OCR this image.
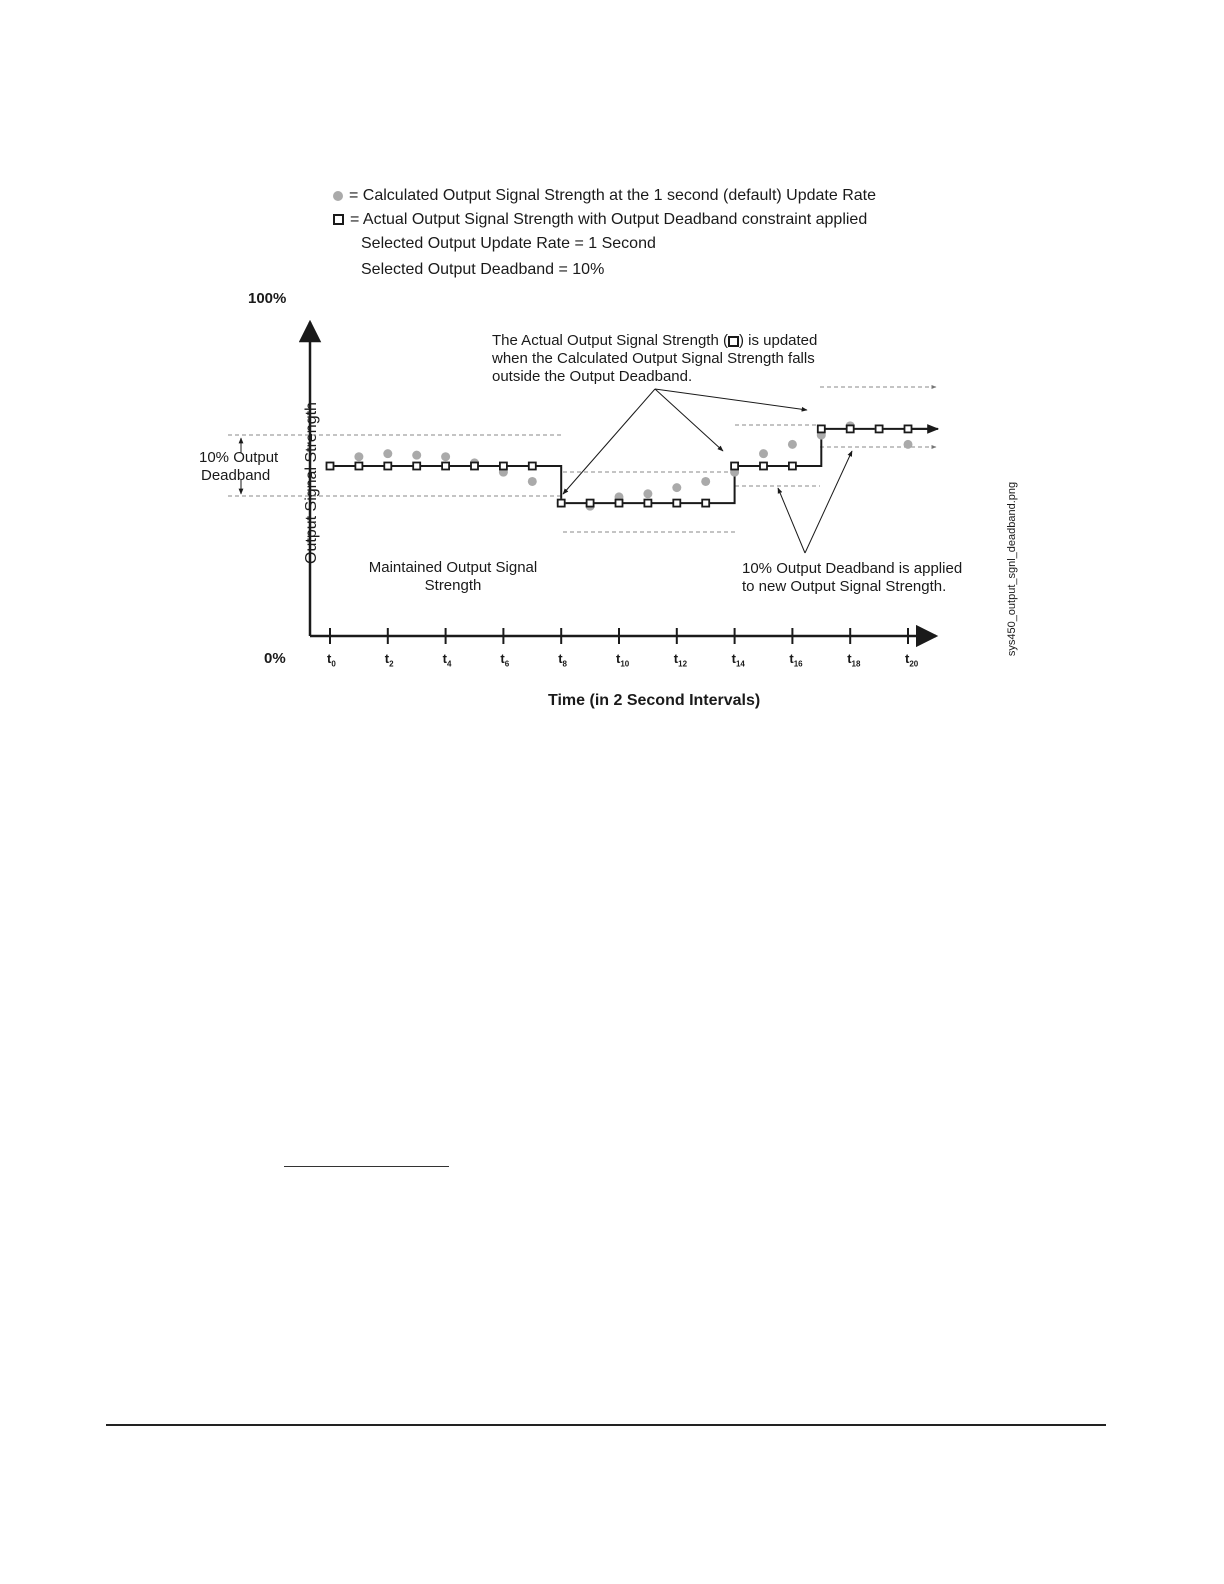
= Calculated Output Signal Strength at the 1 second (default) Update Rate
= Actual Output Signal Strength with Output Deadband constraint applied
Selected Output Update Rate = 1 Second
Selected Output Deadband = 10%
100%
0%
Time (in 2 Second Intervals)
Output Signal Strength
10% Output
Deadband
The Actual Output Signal Strength ( ) is updated
when the Calculated Output Signal Strength falls
outside the Output Deadband.
Maintained Output Signal
Strength
10% Output Deadband is applied
to new Output Signal Strength.	sys450_output_sgnl_deadband.png
$t_0$	$t_2$	$t_4$	$t_6$	$t_8$	$t_{10}$	$t_{12}$	$t_{14}$	$t_{16}$	$t_{18}$	$t_{20}$
